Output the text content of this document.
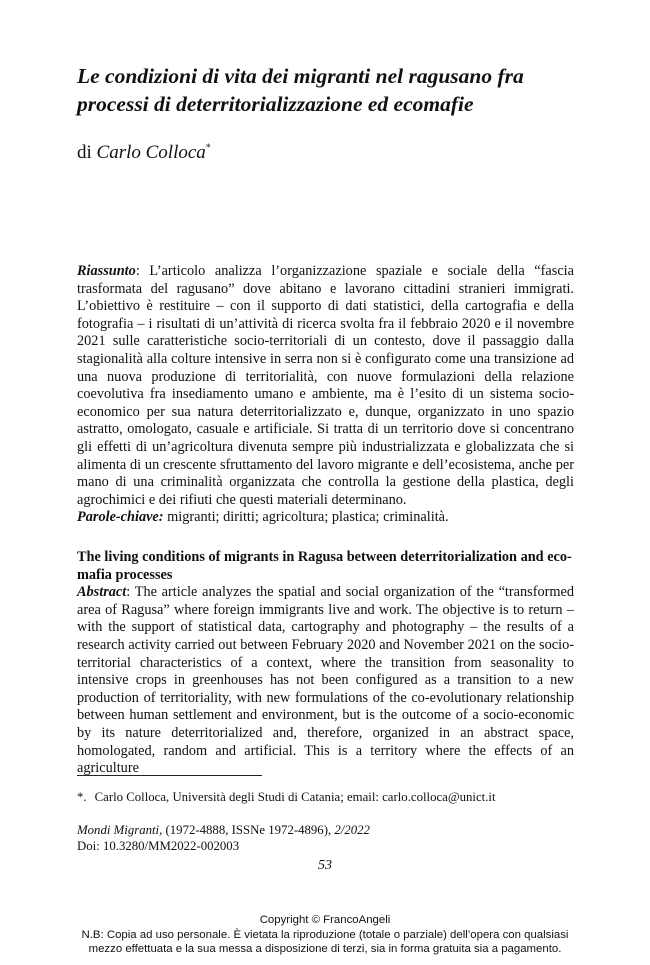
Le condizioni di vita dei migranti nel ragusano fra processi di deterritorializzazione ed ecomafie
di Carlo Colloca*
Riassunto: L’articolo analizza l’organizzazione spaziale e sociale della “fascia trasformata del ragusano” dove abitano e lavorano cittadini stranieri immigrati. L’obiettivo è restituire – con il supporto di dati statistici, della cartografia e della fotografia – i risultati di un’attività di ricerca svolta fra il febbraio 2020 e il novembre 2021 sulle caratteristiche socio-territoriali di un contesto, dove il passaggio dalla stagionalità alla colture intensive in serra non si è configurato come una transizione ad una nuova produzione di territorialità, con nuove formulazioni della relazione coevolutiva fra insediamento umano e ambiente, ma è l’esito di un sistema socio-economico per sua natura deterritorializzato e, dunque, organizzato in uno spazio astratto, omologato, casuale e artificiale. Si tratta di un territorio dove si concentrano gli effetti di un’agricoltura divenuta sempre più industrializzata e globalizzata che si alimenta di un crescente sfruttamento del lavoro migrante e dell’ecosistema, anche per mano di una criminalità organizzata che controlla la gestione della plastica, degli agrochimici e dei rifiuti che questi materiali determinano.
Parole-chiave: migranti; diritti; agricoltura; plastica; criminalità.
The living conditions of migrants in Ragusa between deterritorialization and eco-mafia processes
Abstract: The article analyzes the spatial and social organization of the “transformed area of Ragusa” where foreign immigrants live and work. The objective is to return – with the support of statistical data, cartography and photography – the results of a research activity carried out between February 2020 and November 2021 on the socio-territorial characteristics of a context, where the transition from seasonality to intensive crops in greenhouses has not been configured as a transition to a new production of territoriality, with new formulations of the co-evolutionary relationship between human settlement and environment, but is the outcome of a socio-economic by its nature deterritorialized and, therefore, organized in an abstract space, homologated, random and artificial. This is a territory where the effects of an agriculture
*. Carlo Colloca, Università degli Studi di Catania; email: carlo.colloca@unict.it
Mondi Migranti, (1972-4888, ISSNe 1972-4896), 2/2022
Doi: 10.3280/MM2022-002003
53
Copyright © FrancoAngeli
N.B: Copia ad uso personale. È vietata la riproduzione (totale o parziale) dell’opera con qualsiasi
mezzo effettuata e la sua messa a disposizione di terzi, sia in forma gratuita sia a pagamento.
